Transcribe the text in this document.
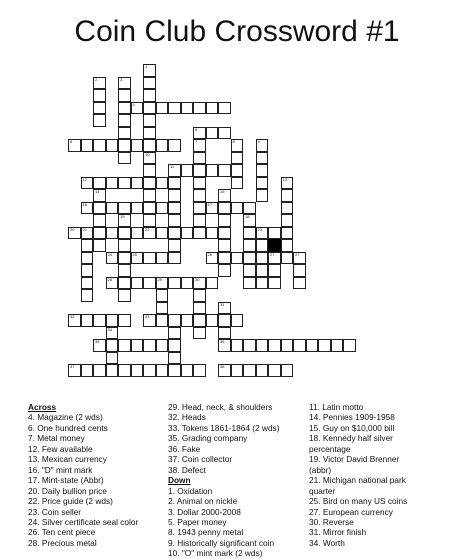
Coin Club Crossword #1
1
2	3
4
5
6	7	8	9
10
11
12	13
14	15
16	17
18
19
20 21	22	23
24	25	26	27	27
28	29	30
31
32	33
34
35	36
37	38
Across
4. Magazine (2 wds)
6. One hundred cents
7. Metal money
12. Few available
13. Mexican currency
16. "D" mint mark
17. Mint-state (Abbr)
20. Daily bullion price
22. Price guide (2 wds)
23. Coin seller
24. Silver certificate seal color
26. Ten cent piece
28. Precious metal
29. Head, neck, & shoulders
32. Heads
33. Tokens 1861-1864 (2 wds)
35. Grading company
36. Fake
37. Coin collector
38. Defect
Down
1. Oxidation
2. Animal on nickle
3. Dollar 2000-2008
5. Paper money
8. 1943 penny metal
9. Historically significant coin
10. "O" mint mark (2 wds)
11. Latin motto
14. Pennies 1909-1958
15. Guy on $10,000 bill
18. Kennedy half silver
percentage
19. Victor David Brenner
(abbr)
21. Michigan national park
quarter
25. Bird on many US coins
27. European currency
30. Reverse
31. Mirror finish
34. Worth
